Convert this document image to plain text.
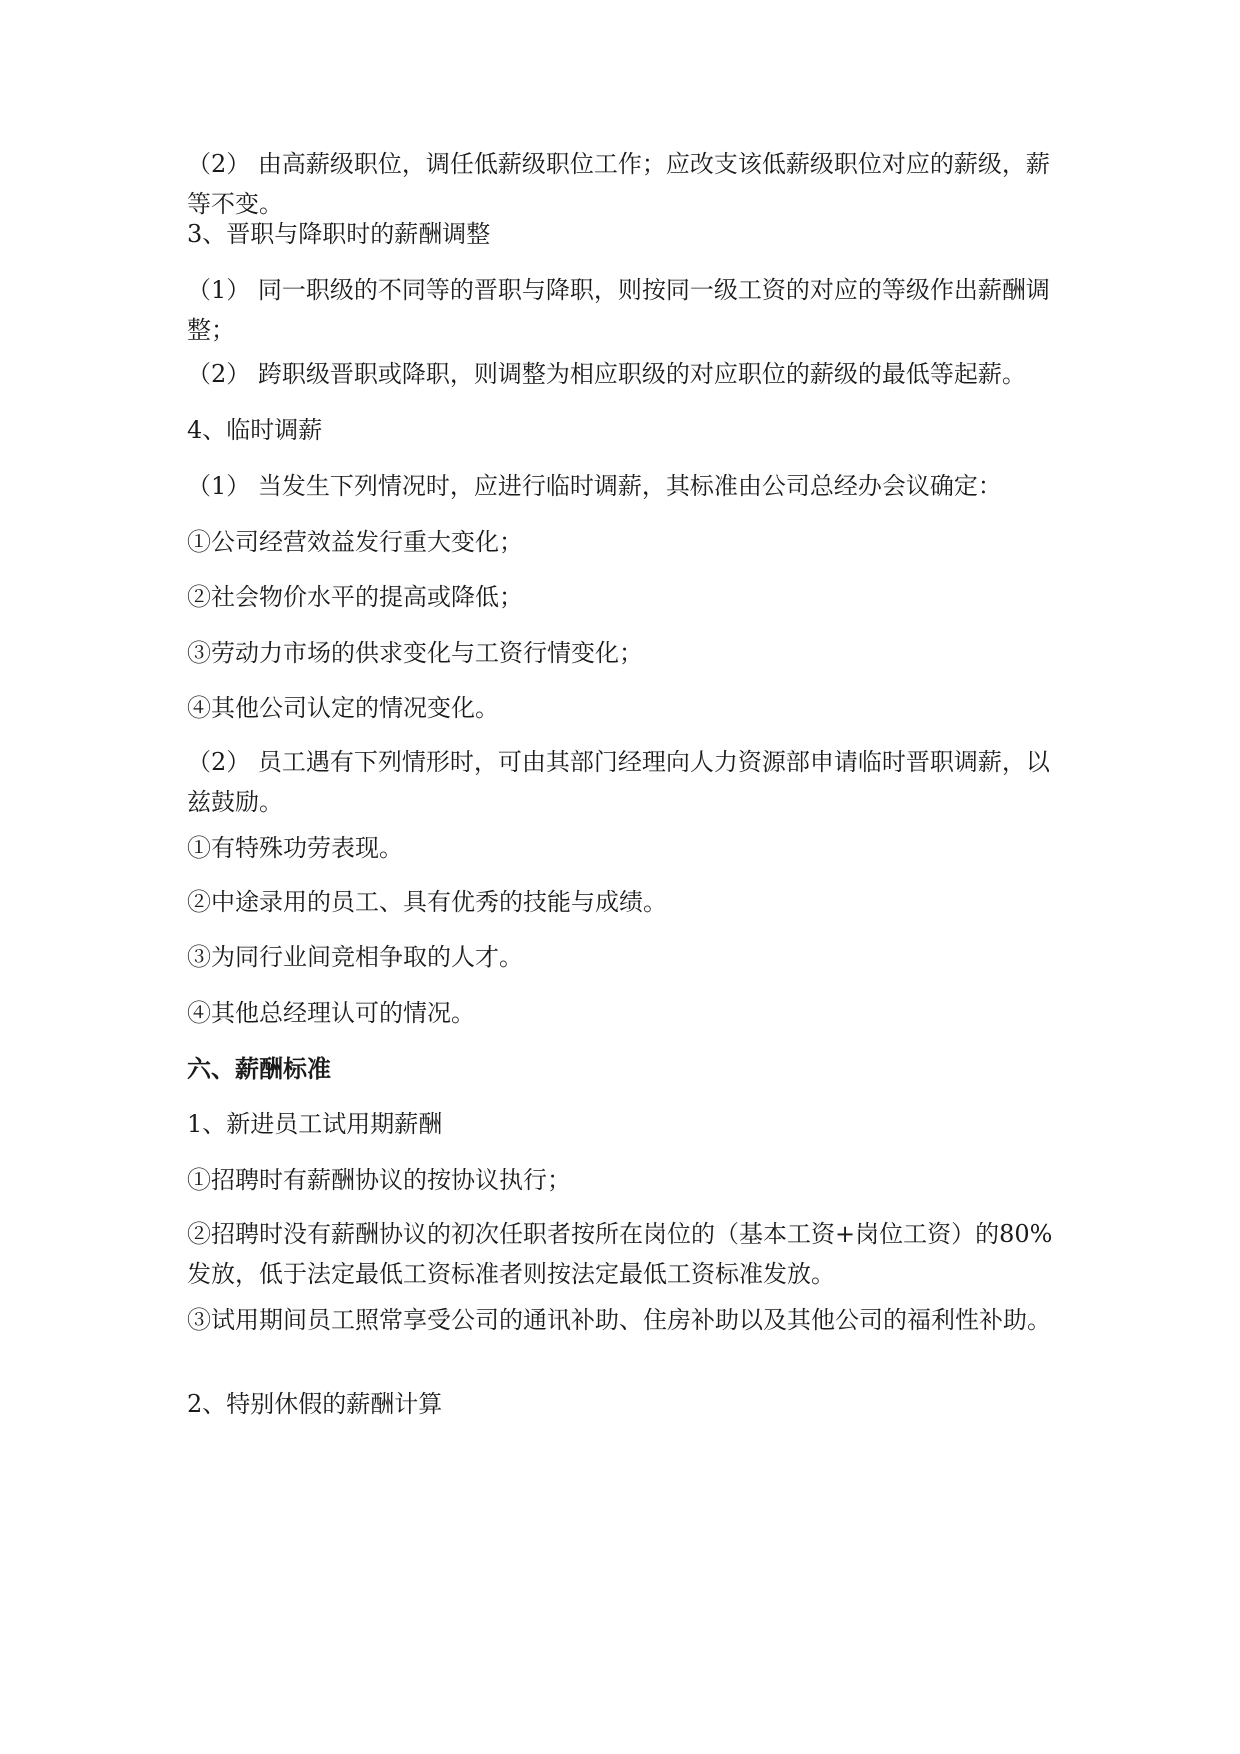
（2） 由高薪级职位，调任低薪级职位工作；应改支该低薪级职位对应的薪级，薪等不变。

3、晋职与降职时的薪酬调整

（1） 同一职级的不同等的晋职与降职，则按同一级工资的对应的等级作出薪酬调整；

（2） 跨职级晋职或降职，则调整为相应职级的对应职位的薪级的最低等起薪。

4、临时调薪

（1） 当发生下列情况时，应进行临时调薪，其标准由公司总经办会议确定：

①公司经营效益发行重大变化；

②社会物价水平的提高或降低；

③劳动力市场的供求变化与工资行情变化；

④其他公司认定的情况变化。

（2） 员工遇有下列情形时，可由其部门经理向人力资源部申请临时晋职调薪，以兹鼓励。

①有特殊功劳表现。

②中途录用的员工、具有优秀的技能与成绩。

③为同行业间竞相争取的人才。

④其他总经理认可的情况。

六、薪酬标准

1、新进员工试用期薪酬

①招聘时有薪酬协议的按协议执行；

②招聘时没有薪酬协议的初次任职者按所在岗位的（基本工资+岗位工资）的80%发放，低于法定最低工资标准者则按法定最低工资标准发放。

③试用期间员工照常享受公司的通讯补助、住房补助以及其他公司的福利性补助。

2、特别休假的薪酬计算
